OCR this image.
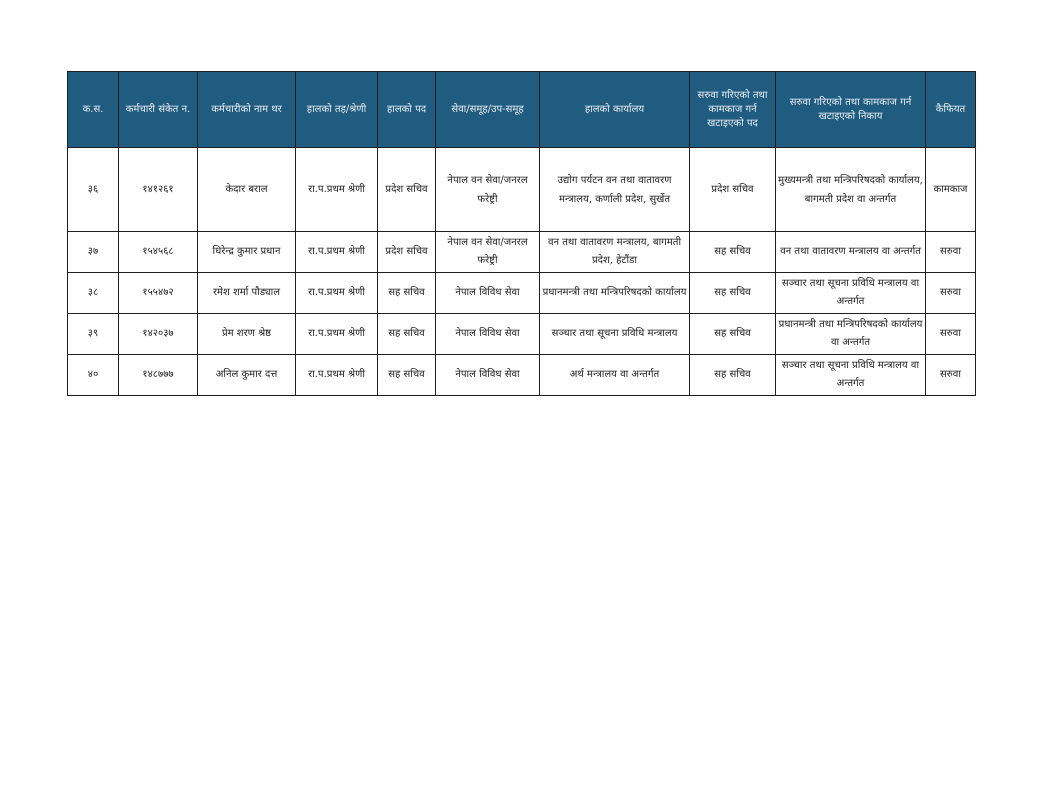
क.स.	कर्मचारी संकेत न.	कर्मचारीको नाम थर	हालको तह/श्रेणी	हालको पद	सेवा/समूह/उप-समूह	हालको कार्यालय	सरुवा गरिएको तथा कामकाज गर्न खटाइएको पद	सरुवा गरिएको तथा कामकाज गर्न खटाइएको निकाय	कैफियत
३६	१४१२६१	केदार बराल	रा.प.प्रथम श्रेणी	प्रदेश सचिव	नेपाल वन सेवा/जनरल फरेष्ट्री	उद्योग पर्यटन वन तथा वातावरण मन्त्रालय, कर्णाली प्रदेश, सुर्खेत	प्रदेश सचिव	मुख्यमन्त्री तथा मन्त्रिपरिषदको कार्यालय, बागमती प्रदेश वा अन्तर्गत	कामकाज
३७	१५४५६८	धिरेन्द्र कुमार प्रधान	रा.प.प्रथम श्रेणी	प्रदेश सचिव	नेपाल वन सेवा/जनरल फरेष्ट्री	वन तथा वातावरण मन्त्रालय, बागमती प्रदेश, हेटौंडा	सह सचिव	वन तथा वातावरण मन्त्रालय वा अन्तर्गत	सरुवा
३८	१५५४७२	रमेश शर्मा पौड्याल	रा.प.प्रथम श्रेणी	सह सचिव	नेपाल विविध सेवा	प्रधानमन्त्री तथा मन्त्रिपरिषदको कार्यालय	सह सचिव	सञ्चार तथा सूचना प्रविधि मन्त्रालय वा अन्तर्गत	सरुवा
३९	१४२०३७	प्रेम शरण श्रेष्ठ	रा.प.प्रथम श्रेणी	सह सचिव	नेपाल विविध सेवा	सञ्चार तथा सूचना प्रविधि मन्त्रालय	सह सचिव	प्रधानमन्त्री तथा मन्त्रिपरिषदको कार्यालय वा अन्तर्गत	सरुवा
४०	१४८७७७	अनिल कुमार दत्त	रा.प.प्रथम श्रेणी	सह सचिव	नेपाल विविध सेवा	अर्थ मन्त्रालय वा अन्तर्गत	सह सचिव	सञ्चार तथा सूचना प्रविधि मन्त्रालय वा अन्तर्गत	सरुवा
